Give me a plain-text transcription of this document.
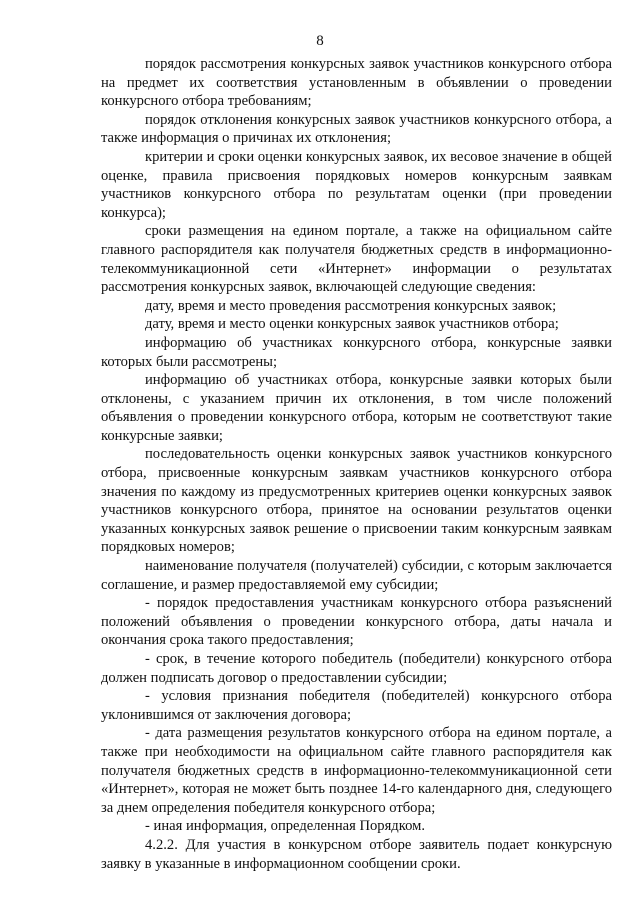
8

порядок рассмотрения конкурсных заявок участников конкурсного отбора на предмет их соответствия установленным в объявлении о проведении конкурсного отбора требованиям;

порядок отклонения конкурсных заявок участников конкурсного отбора, а также информация о причинах их отклонения;

критерии и сроки оценки конкурсных заявок, их весовое значение в общей оценке, правила присвоения порядковых номеров конкурсным заявкам участников конкурсного отбора по результатам оценки (при проведении конкурса);

сроки размещения на едином портале, а также на официальном сайте главного распорядителя как получателя бюджетных средств в информационно-телекоммуникационной сети «Интернет» информации о результатах рассмотрения конкурсных заявок, включающей следующие сведения:

дату, время и место проведения рассмотрения конкурсных заявок;

дату, время и место оценки конкурсных заявок участников отбора;

информацию об участниках конкурсного отбора, конкурсные заявки которых были рассмотрены;

информацию об участниках отбора, конкурсные заявки которых были отклонены, с указанием причин их отклонения, в том числе положений объявления о проведении конкурсного отбора, которым не соответствуют такие конкурсные заявки;

последовательность оценки конкурсных заявок участников конкурсного отбора, присвоенные конкурсным заявкам участников конкурсного отбора значения по каждому из предусмотренных критериев оценки конкурсных заявок участников конкурсного отбора, принятое на основании результатов оценки указанных конкурсных заявок решение о присвоении таким конкурсным заявкам порядковых номеров;

наименование получателя (получателей) субсидии, с которым заключается соглашение, и размер предоставляемой ему субсидии;

- порядок предоставления участникам конкурсного отбора разъяснений положений объявления о проведении конкурсного отбора, даты начала и окончания срока такого предоставления;

- срок, в течение которого победитель (победители) конкурсного отбора должен подписать договор о предоставлении субсидии;

- условия признания победителя (победителей) конкурсного отбора уклонившимся от заключения договора;

- дата размещения результатов конкурсного отбора на едином портале, а также при необходимости на официальном сайте главного распорядителя как получателя бюджетных средств в информационно-телекоммуникационной сети «Интернет», которая не может быть позднее 14-го календарного дня, следующего за днем определения победителя конкурсного отбора;

- иная информация, определенная Порядком.

4.2.2. Для участия в конкурсном отборе заявитель подает конкурсную заявку в указанные в информационном сообщении сроки.
